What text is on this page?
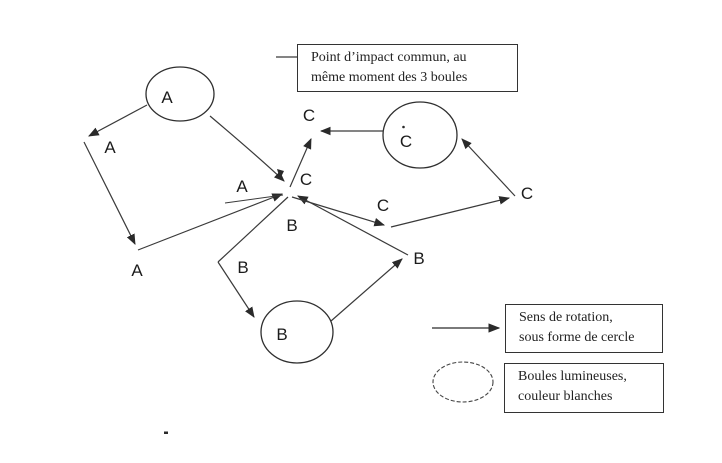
A
A
A
A
B
B
B
B
C
C
C
C
C
Point d’impact commun, au
même moment des 3 boules
Sens de rotation,
sous forme de cercle
Boules lumineuses,
couleur blanches
